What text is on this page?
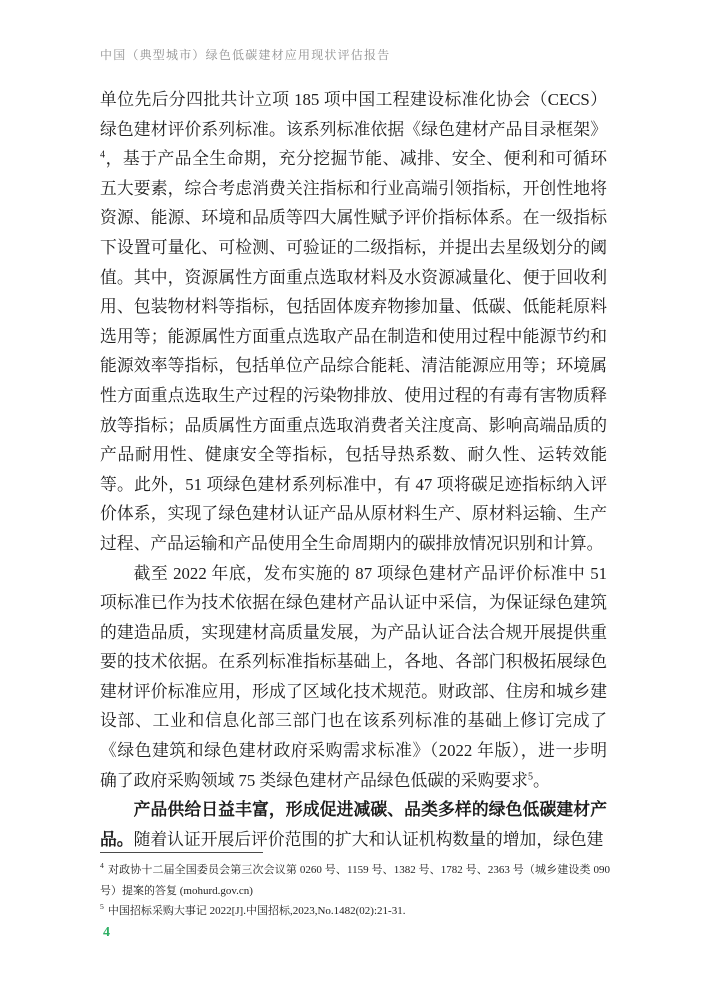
中国（典型城市）绿色低碳建材应用现状评估报告

单位先后分四批共计立项 185 项中国工程建设标准化协会（CECS）绿色建材评价系列标准。该系列标准依据《绿色建材产品目录框架》$^4$，基于产品全生命期，充分挖掘节能、减排、安全、便利和可循环五大要素，综合考虑消费关注指标和行业高端引领指标，开创性地将资源、能源、环境和品质等四大属性赋予评价指标体系。在一级指标下设置可量化、可检测、可验证的二级指标，并提出去星级划分的阈值。其中，资源属性方面重点选取材料及水资源减量化、便于回收利用、包装物材料等指标，包括固体废弃物掺加量、低碳、低能耗原料选用等；能源属性方面重点选取产品在制造和使用过程中能源节约和能源效率等指标，包括单位产品综合能耗、清洁能源应用等；环境属性方面重点选取生产过程的污染物排放、使用过程的有毒有害物质释放等指标；品质属性方面重点选取消费者关注度高、影响高端品质的产品耐用性、健康安全等指标，包括导热系数、耐久性、运转效能等。此外，51 项绿色建材系列标准中，有 47 项将碳足迹指标纳入评价体系，实现了绿色建材认证产品从原材料生产、原材料运输、生产过程、产品运输和产品使用全生命周期内的碳排放情况识别和计算。

截至 2022 年底，发布实施的 87 项绿色建材产品评价标准中 51 项标准已作为技术依据在绿色建材产品认证中采信，为保证绿色建筑的建造品质，实现建材高质量发展，为产品认证合法合规开展提供重要的技术依据。在系列标准指标基础上，各地、各部门积极拓展绿色建材评价标准应用，形成了区域化技术规范。财政部、住房和城乡建设部、工业和信息化部三部门也在该系列标准的基础上修订完成了《绿色建筑和绿色建材政府采购需求标准》（2022 年版），进一步明确了政府采购领域 75 类绿色建材产品绿色低碳的采购要求$^5$。

产品供给日益丰富，形成促进减碳、品类多样的绿色低碳建材产品。随着认证开展后评价范围的扩大和认证机构数量的增加，绿色建

$^4$ 对政协十二届全国委员会第三次会议第 0260 号、1159 号、1382 号、1782 号、2363 号（城乡建设类 090 号）提案的答复 (mohurd.gov.cn)
$^5$ 中国招标采购大事记 2022[J].中国招标,2023,No.1482(02):21-31.
4
